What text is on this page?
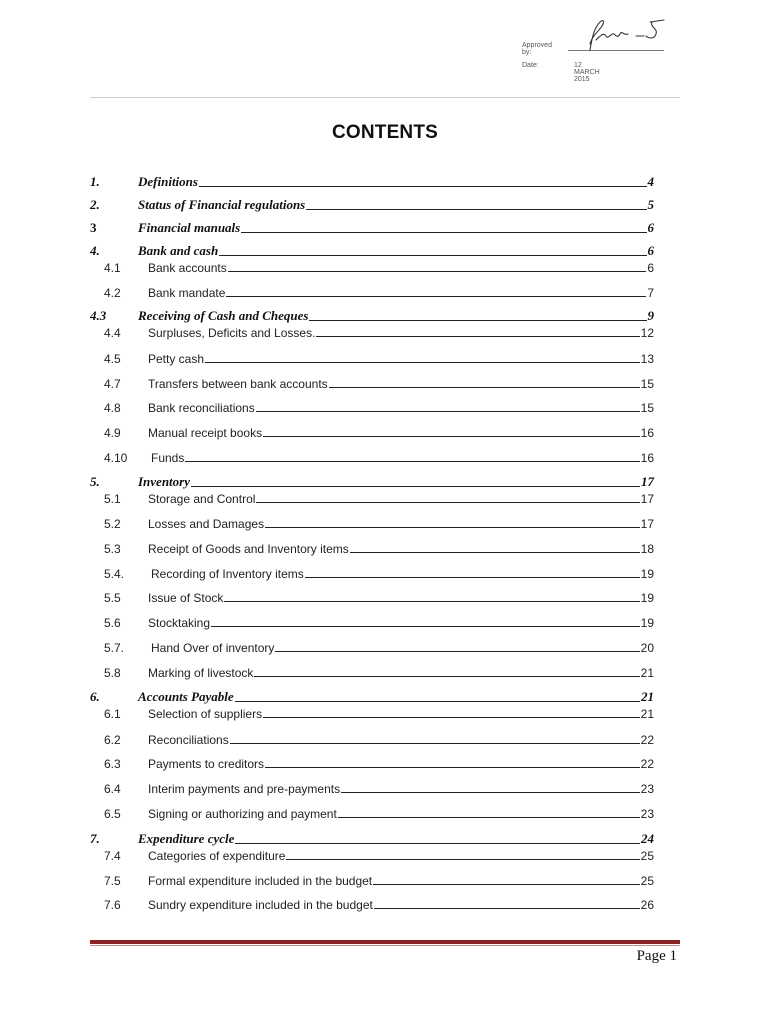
Approved by:
Date:	12 MARCH 2015
CONTENTS
1.	Definitions	4
2.	Status of Financial regulations	5
3	Financial manuals	6
4.	Bank and cash	6
4.1	Bank accounts	6
4.2	Bank mandate	7
4.3	Receiving of Cash and Cheques	9
4.4	Surpluses, Deficits and Losses.	12
4.5	Petty cash	13
4.7	Transfers between bank accounts	15
4.8	Bank reconciliations	15
4.9	Manual receipt books	16
4.10	Funds	16
5.	Inventory	17
5.1	Storage and Control	17
5.2	Losses and Damages	17
5.3	Receipt of Goods and Inventory items	18
5.4.	Recording of Inventory items	19
5.5	Issue of Stock	19
5.6	Stocktaking	19
5.7.	Hand Over of inventory	20
5.8	Marking of livestock	21
6.	Accounts Payable	21
6.1	Selection of suppliers	21
6.2	Reconciliations	22
6.3	Payments to creditors	22
6.4	Interim payments and pre-payments	23
6.5	Signing or authorizing and payment	23
7.	Expenditure cycle	24
7.4	Categories of expenditure	25
7.5	Formal expenditure included in the budget	25
7.6	Sundry expenditure included in the budget	26
Page 1
